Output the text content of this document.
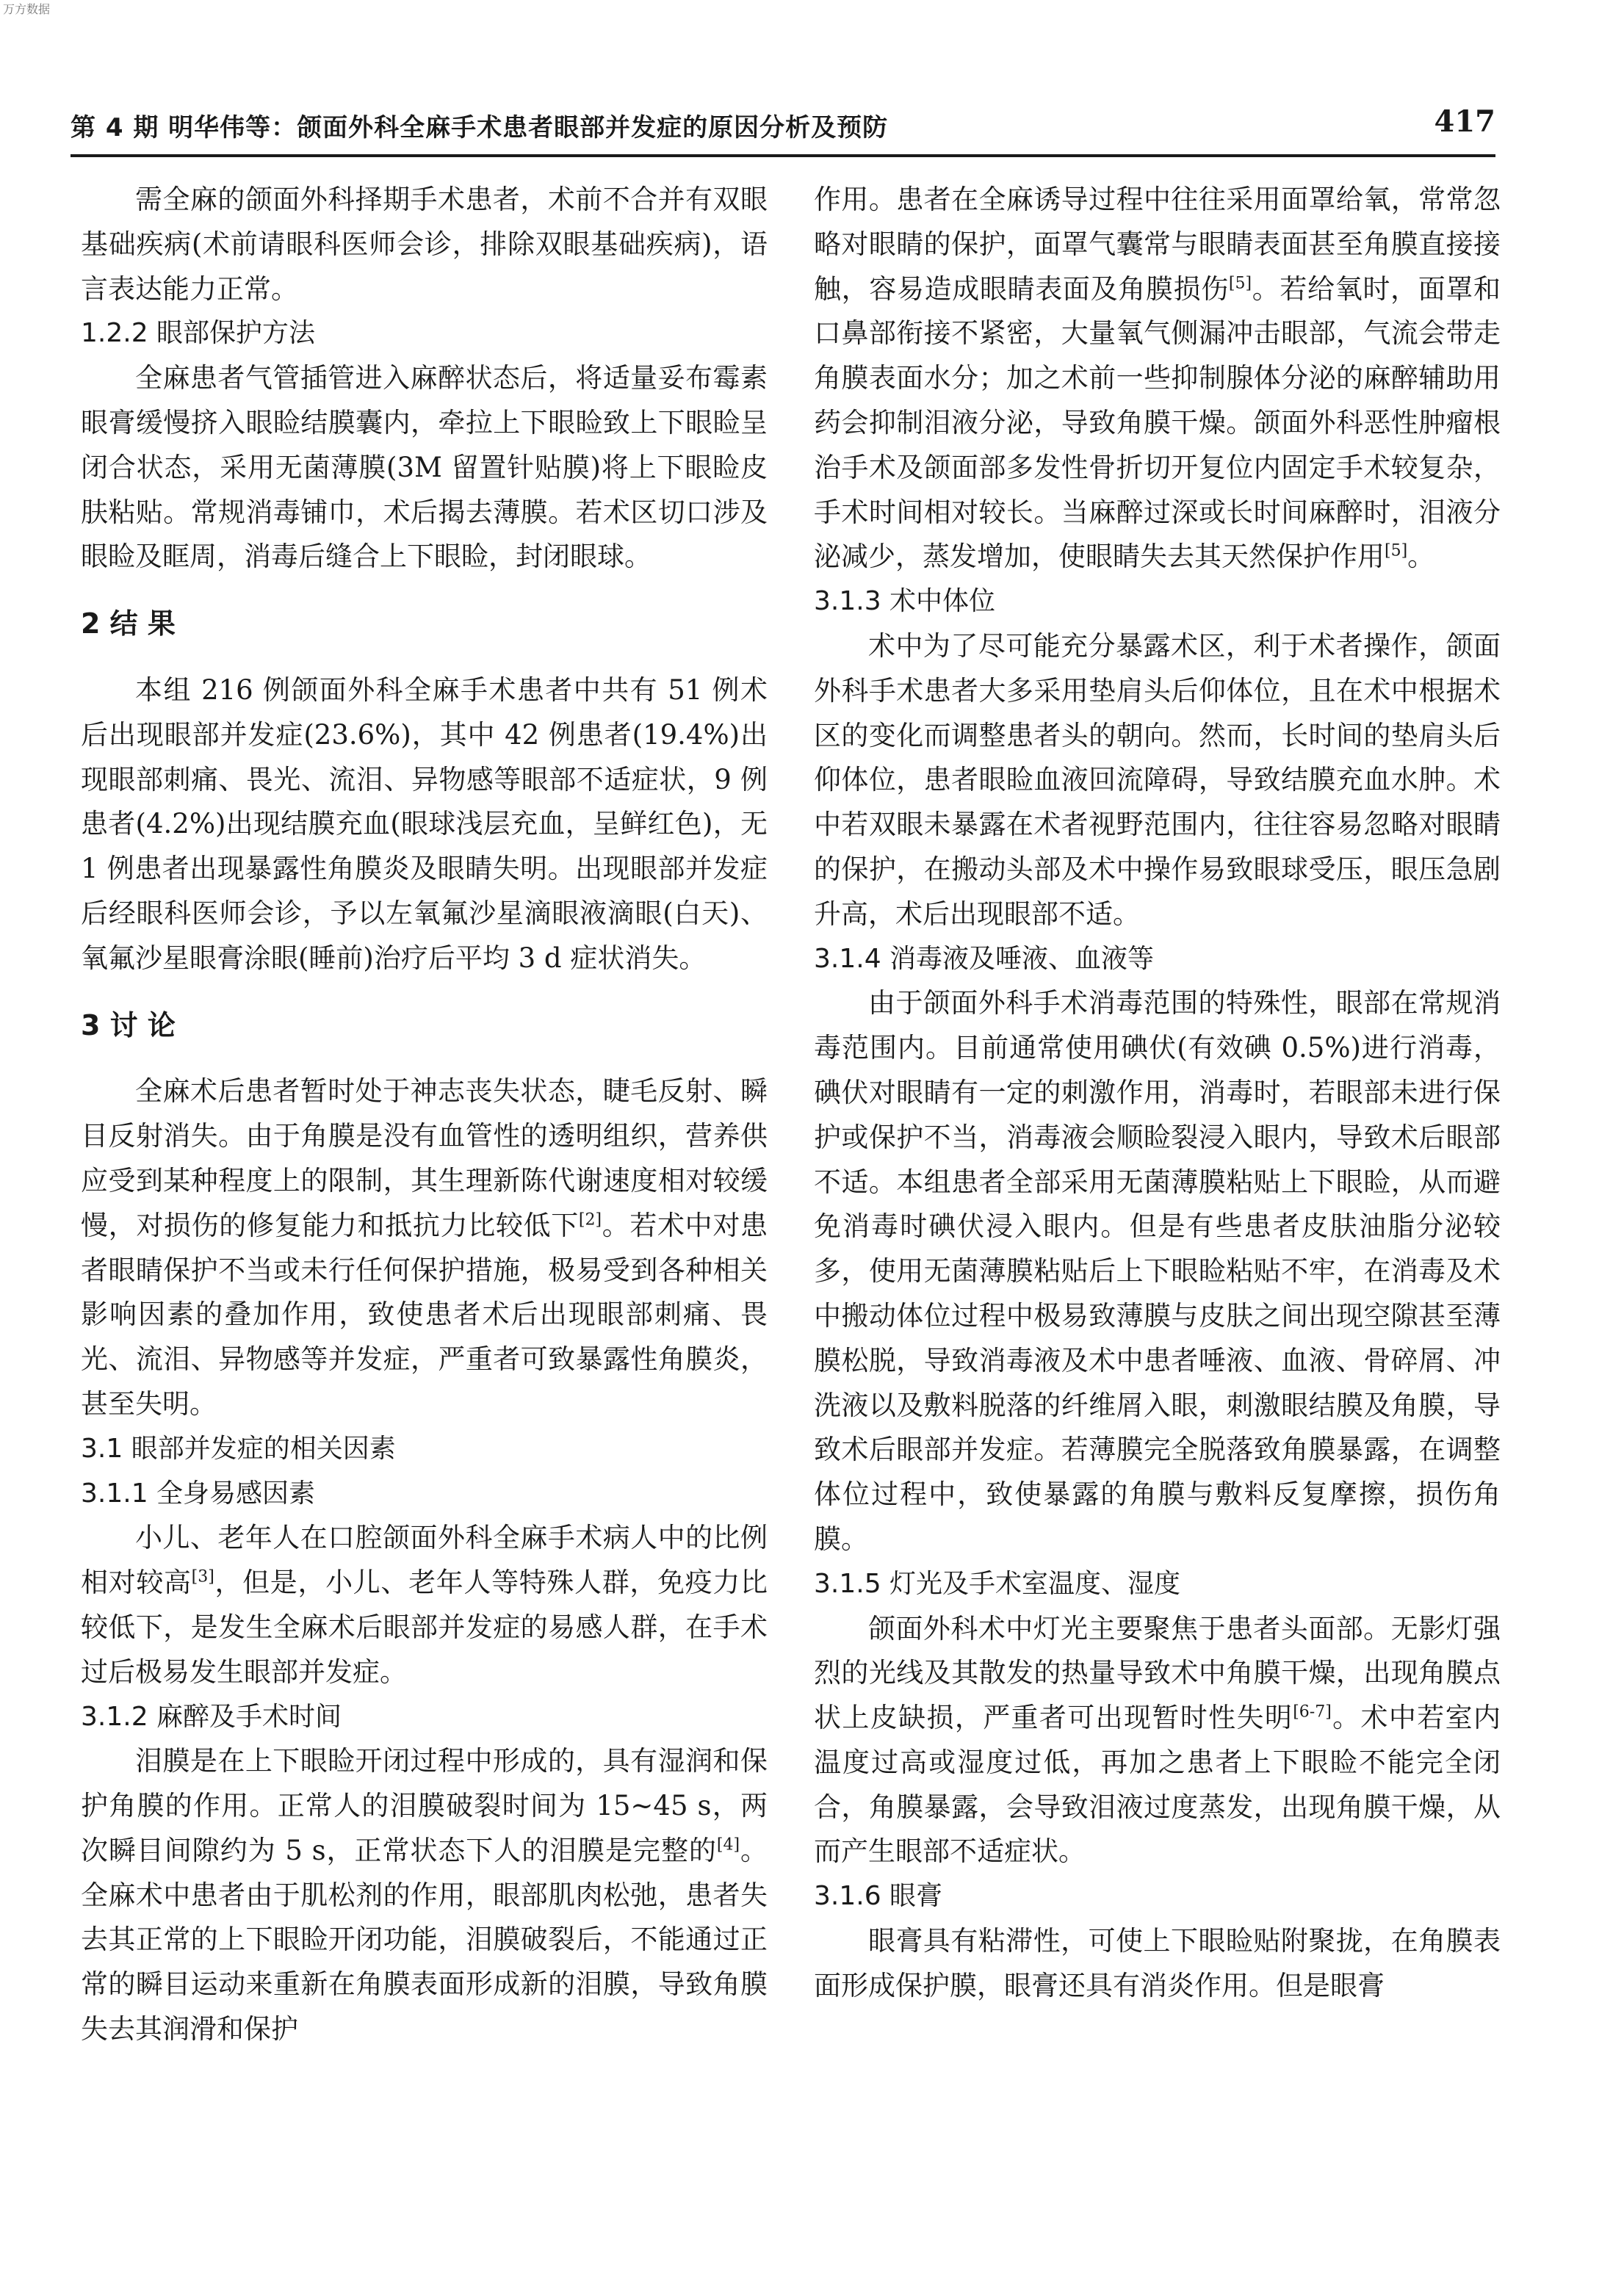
万方数据
第 4 期 明华伟等：颌面外科全麻手术患者眼部并发症的原因分析及预防	417

需全麻的颌面外科择期手术患者，术前不合并有双眼基础疾病(术前请眼科医师会诊，排除双眼基础疾病)，语言表达能力正常。

1.2.2 眼部保护方法

全麻患者气管插管进入麻醉状态后，将适量妥布霉素眼膏缓慢挤入眼睑结膜囊内，牵拉上下眼睑致上下眼睑呈闭合状态，采用无菌薄膜(3M 留置针贴膜)将上下眼睑皮肤粘贴。常规消毒铺巾，术后揭去薄膜。若术区切口涉及眼睑及眶周，消毒后缝合上下眼睑，封闭眼球。

2 结 果

本组 216 例颌面外科全麻手术患者中共有 51 例术后出现眼部并发症(23.6%)，其中 42 例患者(19.4%)出现眼部刺痛、畏光、流泪、异物感等眼部不适症状，9 例患者(4.2%)出现结膜充血(眼球浅层充血，呈鲜红色)，无 1 例患者出现暴露性角膜炎及眼睛失明。出现眼部并发症后经眼科医师会诊，予以左氧氟沙星滴眼液滴眼(白天)、氧氟沙星眼膏涂眼(睡前)治疗后平均 3 d 症状消失。

3 讨 论

全麻术后患者暂时处于神志丧失状态，睫毛反射、瞬目反射消失。由于角膜是没有血管性的透明组织，营养供应受到某种程度上的限制，其生理新陈代谢速度相对较缓慢，对损伤的修复能力和抵抗力比较低下[2]。若术中对患者眼睛保护不当或未行任何保护措施，极易受到各种相关影响因素的叠加作用，致使患者术后出现眼部刺痛、畏光、流泪、异物感等并发症，严重者可致暴露性角膜炎，甚至失明。

3.1 眼部并发症的相关因素
3.1.1 全身易感因素

小儿、老年人在口腔颌面外科全麻手术病人中的比例相对较高[3]，但是，小儿、老年人等特殊人群，免疫力比较低下，是发生全麻术后眼部并发症的易感人群，在手术过后极易发生眼部并发症。

3.1.2 麻醉及手术时间

泪膜是在上下眼睑开闭过程中形成的，具有湿润和保护角膜的作用。正常人的泪膜破裂时间为 15~45 s，两次瞬目间隙约为 5 s，正常状态下人的泪膜是完整的[4]。全麻术中患者由于肌松剂的作用，眼部肌肉松弛，患者失去其正常的上下眼睑开闭功能，泪膜破裂后，不能通过正常的瞬目运动来重新在角膜表面形成新的泪膜，导致角膜失去其润滑和保护

作用。患者在全麻诱导过程中往往采用面罩给氧，常常忽略对眼睛的保护，面罩气囊常与眼睛表面甚至角膜直接接触，容易造成眼睛表面及角膜损伤[5]。若给氧时，面罩和口鼻部衔接不紧密，大量氧气侧漏冲击眼部，气流会带走角膜表面水分；加之术前一些抑制腺体分泌的麻醉辅助用药会抑制泪液分泌，导致角膜干燥。颌面外科恶性肿瘤根治手术及颌面部多发性骨折切开复位内固定手术较复杂，手术时间相对较长。当麻醉过深或长时间麻醉时，泪液分泌减少，蒸发增加，使眼睛失去其天然保护作用[5]。

3.1.3 术中体位

术中为了尽可能充分暴露术区，利于术者操作，颌面外科手术患者大多采用垫肩头后仰体位，且在术中根据术区的变化而调整患者头的朝向。然而，长时间的垫肩头后仰体位，患者眼睑血液回流障碍，导致结膜充血水肿。术中若双眼未暴露在术者视野范围内，往往容易忽略对眼睛的保护，在搬动头部及术中操作易致眼球受压，眼压急剧升高，术后出现眼部不适。

3.1.4 消毒液及唾液、血液等

由于颌面外科手术消毒范围的特殊性，眼部在常规消毒范围内。目前通常使用碘伏(有效碘 0.5%)进行消毒，碘伏对眼睛有一定的刺激作用，消毒时，若眼部未进行保护或保护不当，消毒液会顺睑裂浸入眼内，导致术后眼部不适。本组患者全部采用无菌薄膜粘贴上下眼睑，从而避免消毒时碘伏浸入眼内。但是有些患者皮肤油脂分泌较多，使用无菌薄膜粘贴后上下眼睑粘贴不牢，在消毒及术中搬动体位过程中极易致薄膜与皮肤之间出现空隙甚至薄膜松脱，导致消毒液及术中患者唾液、血液、骨碎屑、冲洗液以及敷料脱落的纤维屑入眼，刺激眼结膜及角膜，导致术后眼部并发症。若薄膜完全脱落致角膜暴露，在调整体位过程中，致使暴露的角膜与敷料反复摩擦，损伤角膜。

3.1.5 灯光及手术室温度、湿度

颌面外科术中灯光主要聚焦于患者头面部。无影灯强烈的光线及其散发的热量导致术中角膜干燥，出现角膜点状上皮缺损，严重者可出现暂时性失明[6-7]。术中若室内温度过高或湿度过低，再加之患者上下眼睑不能完全闭合，角膜暴露，会导致泪液过度蒸发，出现角膜干燥，从而产生眼部不适症状。

3.1.6 眼膏

眼膏具有粘滞性，可使上下眼睑贴附聚拢，在角膜表面形成保护膜，眼膏还具有消炎作用。但是眼膏
